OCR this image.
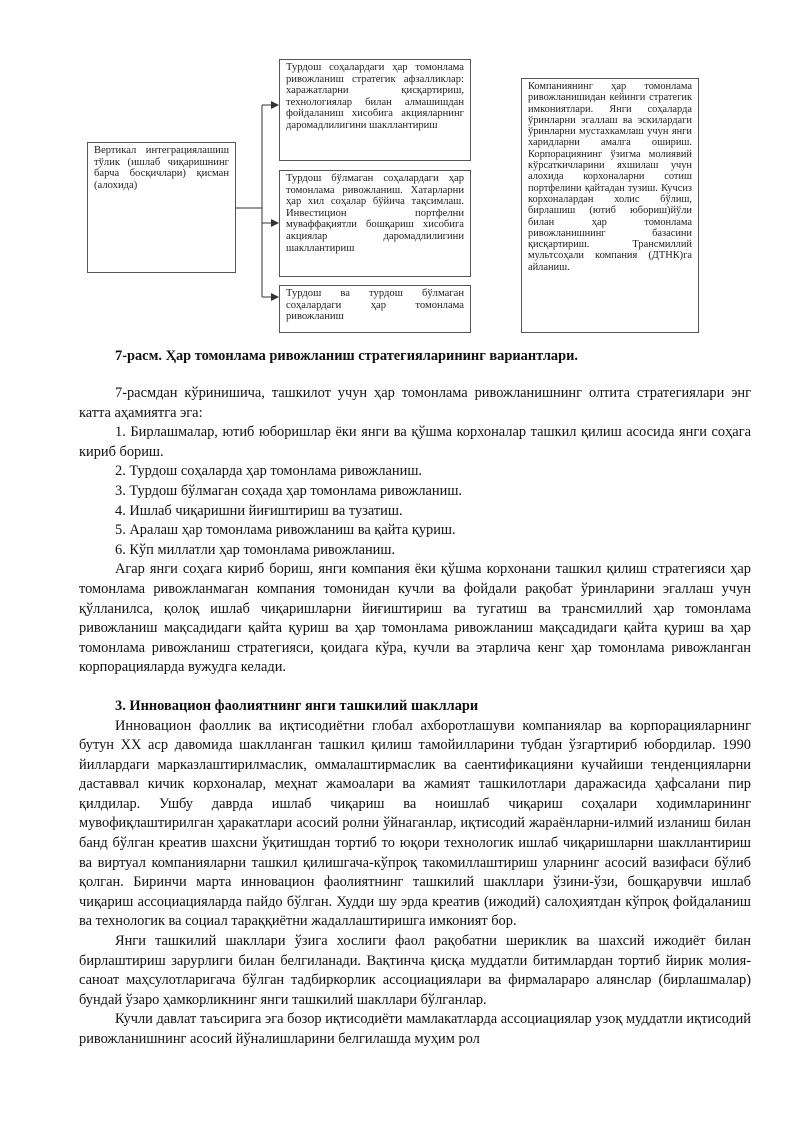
Вертикал интеграциялашиш тўлик (ишлаб чиқаришнинг барча босқичлари) қисман (алохида)
Турдош соҳалардаги ҳар томонлама ривожланиш стратегик афзалликлар: харажатларни қисқартириш, технологиялар билан алмашишдан фойдаланиш хисобига акцияларнинг даромадлилигини шакллантириш
Турдош бўлмаган соҳалардаги ҳар томонлама ривожланиш. Хатарларни ҳар хил соҳалар бўйича тақсимлаш. Инвестицион портфелни муваффақиятли бошқариш хисобига акциялар даромадлилигини шакллантириш
Турдош ва турдош бўлмаган соҳалардаги ҳар томонлама ривожланиш
Компаниянинг ҳар томонлама ривожланишидан кейинги стратегик имкониятлари. Янги соҳаларда ўринларни эгаллаш ва эскилардаги ўринларни мустахкамлаш учун янги харидларни амалга ошириш. Корпорациянинг ўзигма молиявий кўрсаткичларини яхшилаш учун алохида корхоналарни сотиш портфелини қайтадан тузиш. Кучсиз корхоналардан холис бўлиш, бирлашиш (ютиб юбориш)йўли билан ҳар томонлама ривожланишнинг базасини қисқартириш. Трансмиллий мультсоҳали компания (ДТНК)га айланиш.
7-расм. Ҳар томонлама ривожланиш стратегияларининг вариантлари.

7-расмдан кўринишича, ташкилот учун ҳар томонлама ривожланишнинг олтита стратегиялари энг катта аҳамиятга эга:

1. Бирлашмалар, ютиб юборишлар ёки янги ва қўшма корхоналар ташкил қилиш асосида янги соҳага кириб бориш.
2. Турдош соҳаларда ҳар томонлама ривожланиш.
3. Турдош бўлмаган соҳада ҳар томонлама ривожланиш.
4. Ишлаб чиқаришни йиғиштириш ва тузатиш.
5. Аралаш ҳар томонлама ривожланиш ва қайта қуриш.
6. Кўп миллатли ҳар томонлама ривожланиш.

Агар янги соҳага кириб бориш, янги компания ёки қўшма корхонани ташкил қилиш стратегияси ҳар томонлама ривожланмаган компания томонидан кучли ва фойдали рақобат ўринларини эгаллаш учун қўлланилса, қолоқ ишлаб чиқаришларни йиғиштириш ва тугатиш ва трансмиллий ҳар томонлама ривожланиш мақсадидаги қайта қуриш ва ҳар томонлама ривожланиш мақсадидаги қайта қуриш ва ҳар томонлама ривожланиш стратегияси, қоидага кўра, кучли ва этарлича кенг ҳар томонлама ривожланган корпорацияларда вужудга келади.

3. Инновацион фаолиятнинг янги ташкилий шакллари

Инновацион фаоллик ва иқтисодиётни глобал ахборотлашуви компаниялар ва корпорацияларнинг бутун ХХ аср давомида шаклланган ташкил қилиш тамойилларини тубдан ўзгартириб юбордилар. 1990 йиллардаги марказлаштирилмаслик, оммалаштирмаслик ва саентификацияни кучайиши тенденцияларни даставвал кичик корхоналар, меҳнат жамоалари ва жамият ташкилотлари даражасида ҳафсалани пир қилдилар. Ушбу даврда ишлаб чиқариш ва ноишлаб чиқариш соҳалари ходимларининг мувофиқлаштирилган ҳаракатлари асосий ролни ўйнаганлар, иқтисодий жараёнларни-илмий изланиш билан банд бўлган креатив шахсни ўқитишдан тортиб то юқори технологик ишлаб чиқаришларни шакллантириш ва виртуал компанияларни ташкил қилишгача-кўпроқ такомиллаштириш уларнинг асосий вазифаси бўлиб қолган. Биринчи марта инновацион фаолиятнинг ташкилий шакллари ўзини-ўзи, бошқарувчи ишлаб чиқариш ассоциацияларда пайдо бўлган. Худди шу эрда креатив (ижодий) салоҳиятдан кўпроқ фойдаланиш ва технологик ва социал тараққиётни жадаллаштиришга имконият бор.

Янги ташкилий шакллари ўзига хослиги фаол рақобатни шериклик ва шахсий ижодиёт билан бирлаштириш зарурлиги билан белгиланади. Вақтинча қисқа муддатли битимлардан тортиб йирик молия-саноат маҳсулотларигача бўлган тадбиркорлик ассоциациялари ва фирмалараро алянслар (бирлашмалар) бундай ўзаро ҳамкорликнинг янги ташкилий шакллари бўлганлар.

Кучли давлат таъсирига эга бозор иқтисодиёти мамлакатларда ассоциациялар узоқ муддатли иқтисодий ривожланишнинг асосий йўналишларини белгилашда муҳим рол
